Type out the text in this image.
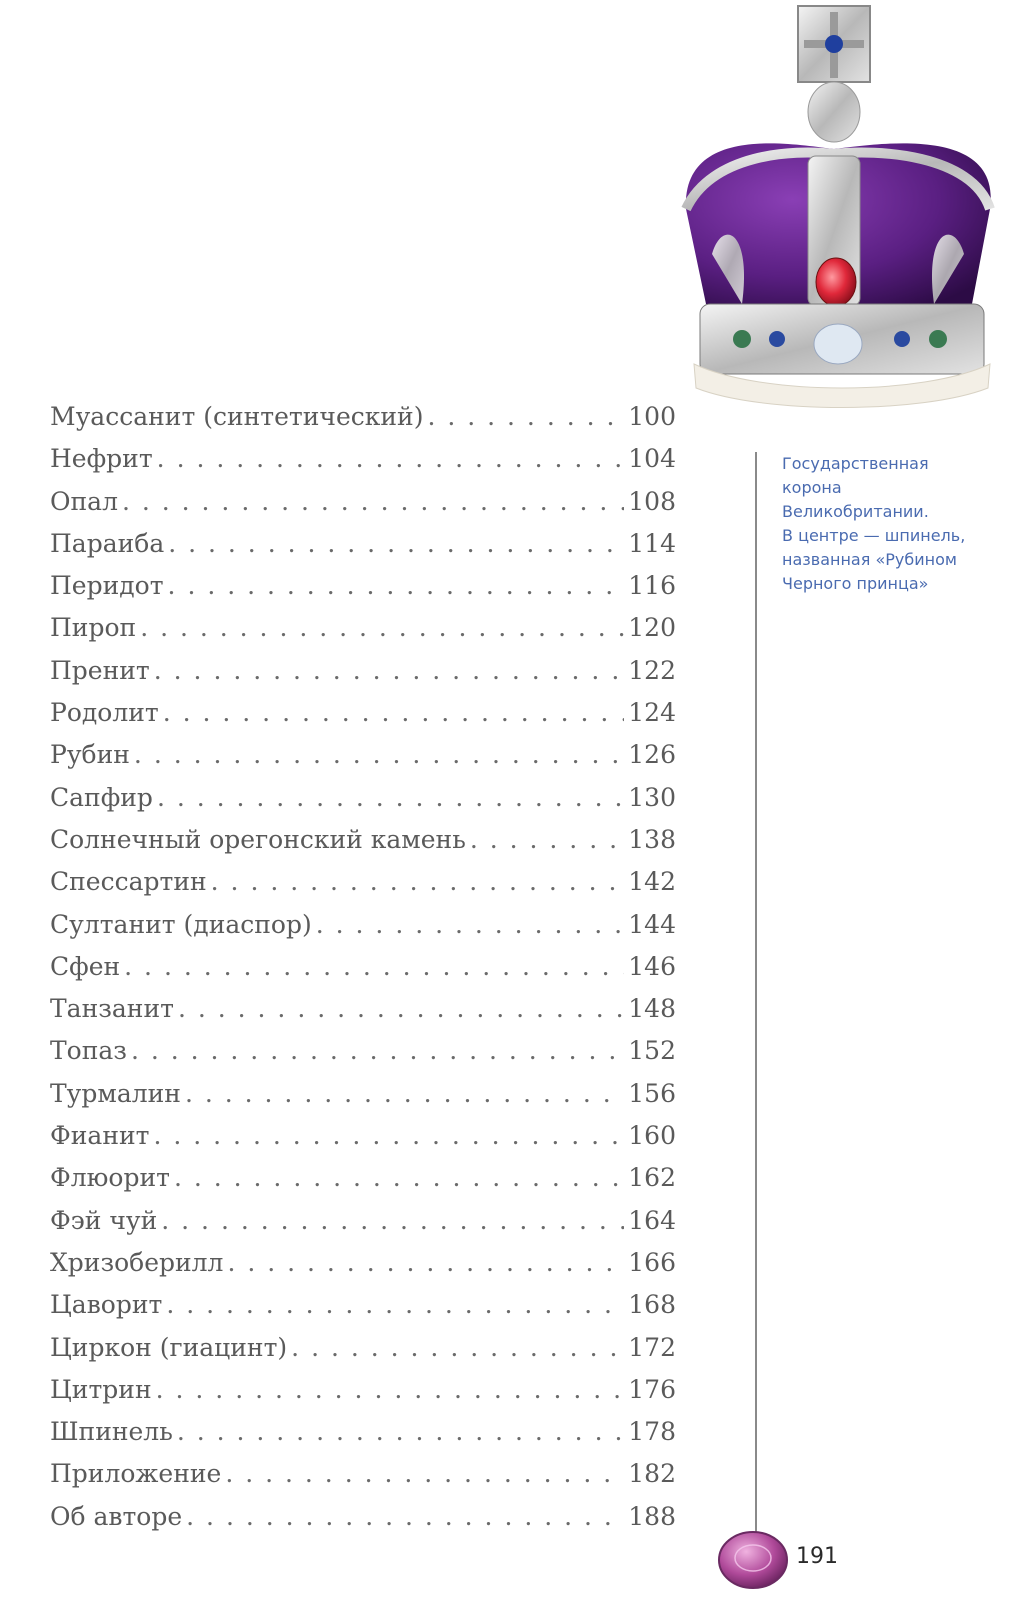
Муассанит (синтетический) . . .	100
Нефрит . . .	104
Опал . . .	108
Параиба . . .	114
Перидот . . .	116
Пироп . . .	120
Пренит . . .	122
Родолит . . .	124
Рубин . . .	126
Сапфир . . .	130
Солнечный орегонский камень . . .	138
Спессартин . . .	142
Султанит (диаспор) . . .	144
Сфен . . .	146
Танзанит . . .	148
Топаз . . .	152
Турмалин . . .	156
Фианит . . .	160
Флюорит . . .	162
Фэй чуй . . .	164
Хризоберилл . . .	166
Цаворит . . .	168
Циркон (гиацинт) . . .	172
Цитрин . . .	176
Шпинель . . .	178
Приложение . . .	182
Об авторе . . .	188
Государственная
корона
Великобритании.
В центре — шпинель,
названная «Рубином
Черного принца»
191
